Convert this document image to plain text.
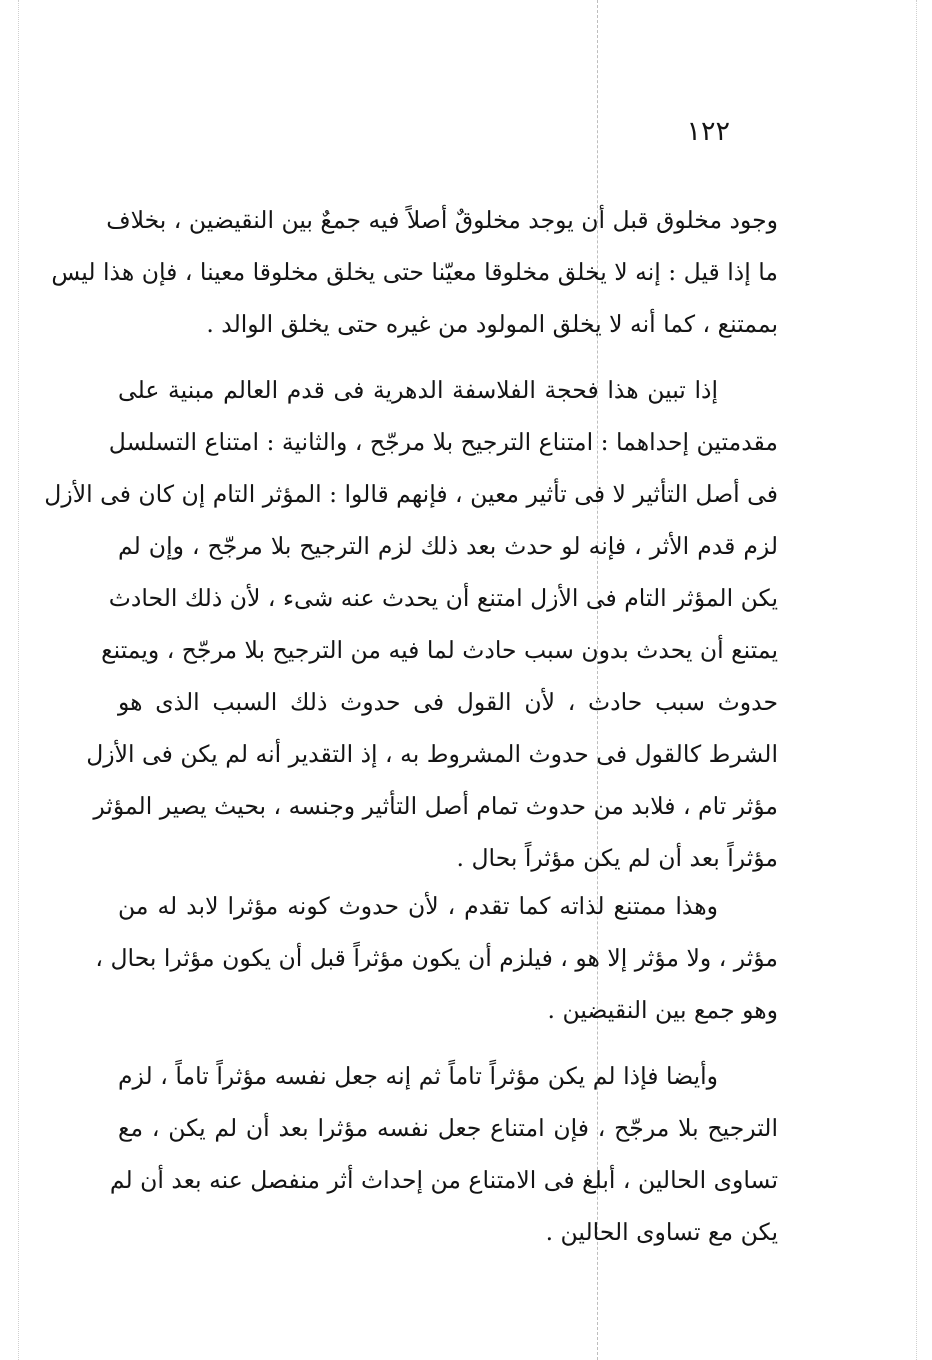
١٢٢
وجود مخلوق قبل أن يوجد مخلوقٌ أصلاً فيه جمعٌ بين النقيضين ، بخلاف
ما إذا قيل : إنه لا يخلق مخلوقا معيّنا حتى يخلق مخلوقا معينا ، فإن هذا ليس
بممتنع ، كما أنه لا يخلق المولود من غيره حتى يخلق الوالد .
إذا تبين هذا فحجة الفلاسفة الدهرية فى قدم العالم مبنية على
مقدمتين إحداهما : امتناع الترجيح بلا مرجّح ، والثانية : امتناع التسلسل
فى أصل التأثير لا فى تأثير معين ، فإنهم قالوا : المؤثر التام إن كان فى الأزل
لزم قدم الأثر ، فإنه لو حدث بعد ذلك لزم الترجيح بلا مرجّح ، وإن لم
يكن المؤثر التام فى الأزل امتنع أن يحدث عنه شىء ، لأن ذلك الحادث
يمتنع أن يحدث بدون سبب حادث لما فيه من الترجيح بلا مرجّح ، ويمتنع
حدوث سبب حادث ، لأن القول فى حدوث ذلك السبب الذى هو
الشرط كالقول فى حدوث المشروط به ، إذ التقدير أنه لم يكن فى الأزل
مؤثر تام ، فلابد من حدوث تمام أصل التأثير وجنسه ، بحيث يصير المؤثر
مؤثراً بعد أن لم يكن مؤثراً بحال .
وهذا ممتنع لذاته كما تقدم ، لأن حدوث كونه مؤثرا لابد له من
مؤثر ، ولا مؤثر إلا هو ، فيلزم أن يكون مؤثراً قبل أن يكون مؤثرا بحال ،
وهو جمع بين النقيضين .
وأيضا فإذا لم يكن مؤثراً تاماً ثم إنه جعل نفسه مؤثراً تاماً ، لزم
الترجيح بلا مرجّح ، فإن امتناع جعل نفسه مؤثرا بعد أن لم يكن ، مع
تساوى الحالين ، أبلغ فى الامتناع من إحداث أثر منفصل عنه بعد أن لم
يكن مع تساوى الحالين .
